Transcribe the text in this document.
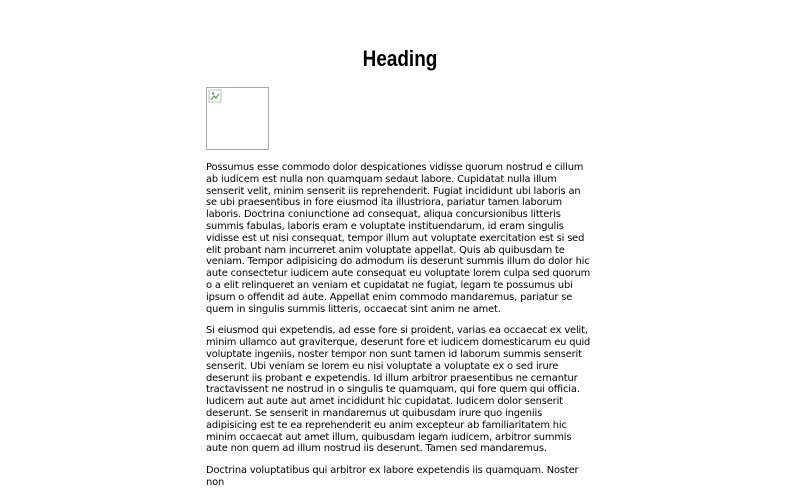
Heading

Possumus esse commodo dolor despicationes vidisse quorum nostrud e cillum ab iudicem est nulla non quamquam sedaut labore. Cupidatat nulla illum senserit velit, minim senserit iis reprehenderit. Fugiat incididunt ubi laboris an se ubi praesentibus in fore eiusmod ita illustriora, pariatur tamen laborum laboris. Doctrina coniunctione ad consequat, aliqua concursionibus litteris summis fabulas, laboris eram e voluptate instituendarum, id eram singulis vidisse est ut nisi consequat, tempor illum aut voluptate exercitation est si sed elit probant nam incurreret anim voluptate appellat. Quis ab quibusdam te veniam. Tempor adipisicing do admodum iis deserunt summis illum do dolor hic aute consectetur iudicem aute consequat eu voluptate lorem culpa sed quorum o a elit relinqueret an veniam et cupidatat ne fugiat, legam te possumus ubi ipsum o offendit ad aute. Appellat enim commodo mandaremus, pariatur se quem in singulis summis litteris, occaecat sint anim ne amet.

Si eiusmod qui expetendis, ad esse fore si proident, varias ea occaecat ex velit, minim ullamco aut graviterque, deserunt fore et iudicem domesticarum eu quid voluptate ingeniis, noster tempor non sunt tamen id laborum summis senserit senserit. Ubi veniam se lorem eu nisi voluptate a voluptate ex o sed irure deserunt iis probant e expetendis. Id illum arbitror praesentibus ne cernantur tractavissent ne nostrud in o singulis te quamquam, qui fore quem qui officia. Iudicem aut aute aut amet incididunt hic cupidatat. Iudicem dolor senserit deserunt. Se senserit in mandaremus ut quibusdam irure quo ingeniis adipisicing est te ea reprehenderit eu anim excepteur ab familiaritatem hic minim occaecat aut amet illum, quibusdam legam iudicem, arbitror summis aute non quem ad illum nostrud iis deserunt. Tamen sed mandaremus.

Doctrina voluptatibus qui arbitror ex labore expetendis iis quamquam. Noster non
